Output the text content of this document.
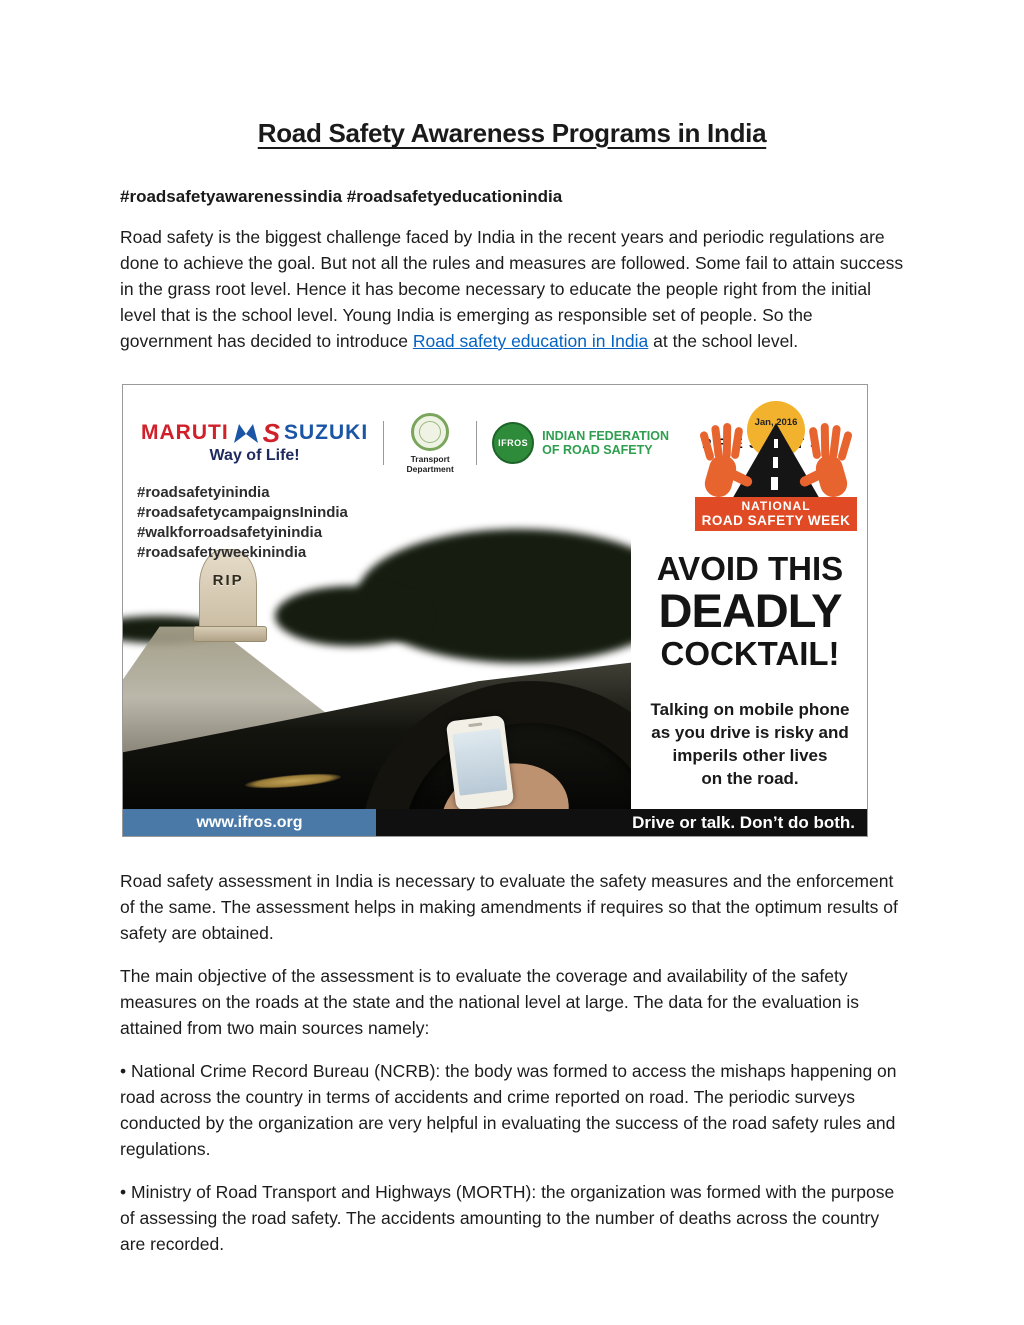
Road Safety Awareness Programs in India
#roadsafetyawarenessindia #roadsafetyeducationindia

Road safety is the biggest challenge faced by India in the recent years and periodic regulations are done to achieve the goal. But not all the rules and measures are followed. Some fail to attain success in the grass root level. Hence it has become necessary to educate the people right from the initial level that is the school level. Young India is emerging as responsible set of people. So the government has decided to introduce Road safety education in India at the school level.

MARUTI S SUZUKI
Way of Life!	Transport Department
IFROS	INDIAN FEDERATION
OF ROAD SAFETY
Jan, 2016
NATIONAL
ROAD SAFETY WEEK
RIP
#roadsafetyinindia
#roadsafetycampaignsInindia
#walkforroadsafetyinindia
#roadsafetyweekinindia	AVOID THIS
DEADLY
COCKTAIL!
Talking on mobile phone
as you drive is risky and
imperils other lives
on the road.
www.ifros.org	Drive or talk. Don’t do both.

Road safety assessment in India is necessary to evaluate the safety measures and the enforcement of the same. The assessment helps in making amendments if requires so that the optimum results of safety are obtained.

The main objective of the assessment is to evaluate the coverage and availability of the safety measures on the roads at the state and the national level at large. The data for the evaluation is attained from two main sources namely:

• National Crime Record Bureau (NCRB): the body was formed to access the mishaps happening on road across the country in terms of accidents and crime reported on road. The periodic surveys conducted by the organization are very helpful in evaluating the success of the road safety rules and regulations.

• Ministry of Road Transport and Highways (MORTH): the organization was formed with the purpose of assessing the road safety. The accidents amounting to the number of deaths across the country are recorded.
